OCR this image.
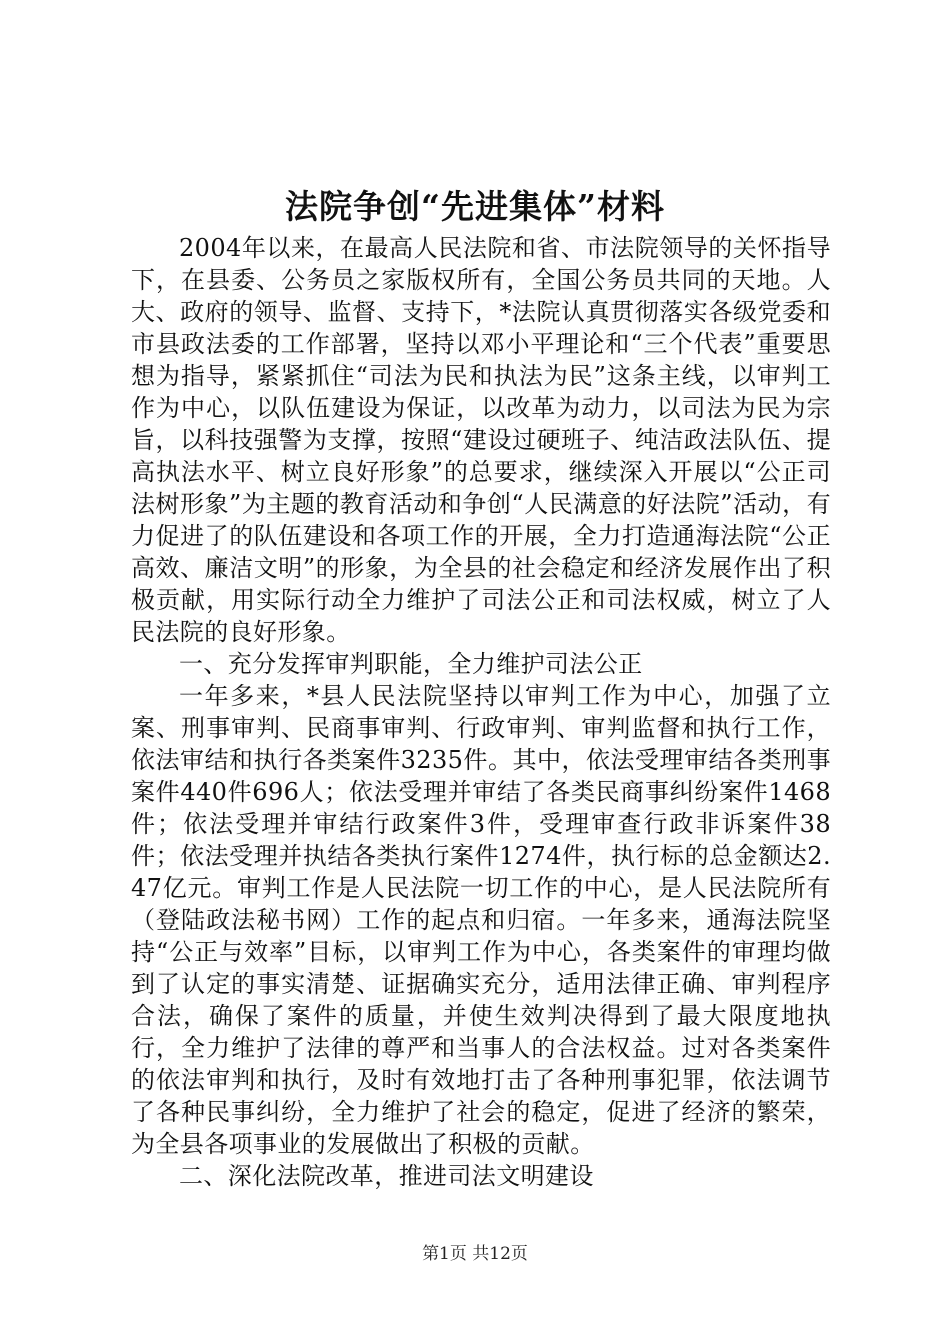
法院争创“先进集体”材料

2004年以来，在最高人民法院和省、市法院领导的关怀指导下，在县委、公务员之家版权所有，全国公务员共同的天地。人大、政府的领导、监督、支持下，*法院认真贯彻落实各级党委和市县政法委的工作部署，坚持以邓小平理论和“三个代表”重要思想为指导，紧紧抓住“司法为民和执法为民”这条主线，以审判工作为中心，以队伍建设为保证，以改革为动力，以司法为民为宗旨，以科技强警为支撑，按照“建设过硬班子、纯洁政法队伍、提高执法水平、树立良好形象”的总要求，继续深入开展以“公正司法树形象”为主题的教育活动和争创“人民满意的好法院”活动，有力促进了的队伍建设和各项工作的开展，全力打造通海法院“公正高效、廉洁文明”的形象，为全县的社会稳定和经济发展作出了积极贡献，用实际行动全力维护了司法公正和司法权威，树立了人民法院的良好形象。

一、充分发挥审判职能，全力维护司法公正

一年多来，*县人民法院坚持以审判工作为中心，加强了立案、刑事审判、民商事审判、行政审判、审判监督和执行工作，依法审结和执行各类案件3235件。其中，依法受理审结各类刑事案件440件696人；依法受理并审结了各类民商事纠纷案件1468件；依法受理并审结行政案件3件，受理审查行政非诉案件38件；依法受理并执结各类执行案件1274件，执行标的总金额达2.47亿元。审判工作是人民法院一切工作的中心，是人民法院所有（登陆政法秘书网）工作的起点和归宿。一年多来，通海法院坚持“公正与效率”目标，以审判工作为中心，各类案件的审理均做到了认定的事实清楚、证据确实充分，适用法律正确、审判程序合法，确保了案件的质量，并使生效判决得到了最大限度地执行，全力维护了法律的尊严和当事人的合法权益。过对各类案件的依法审判和执行，及时有效地打击了各种刑事犯罪，依法调节了各种民事纠纷，全力维护了社会的稳定，促进了经济的繁荣，为全县各项事业的发展做出了积极的贡献。

二、深化法院改革，推进司法文明建设

第1页 共12页
